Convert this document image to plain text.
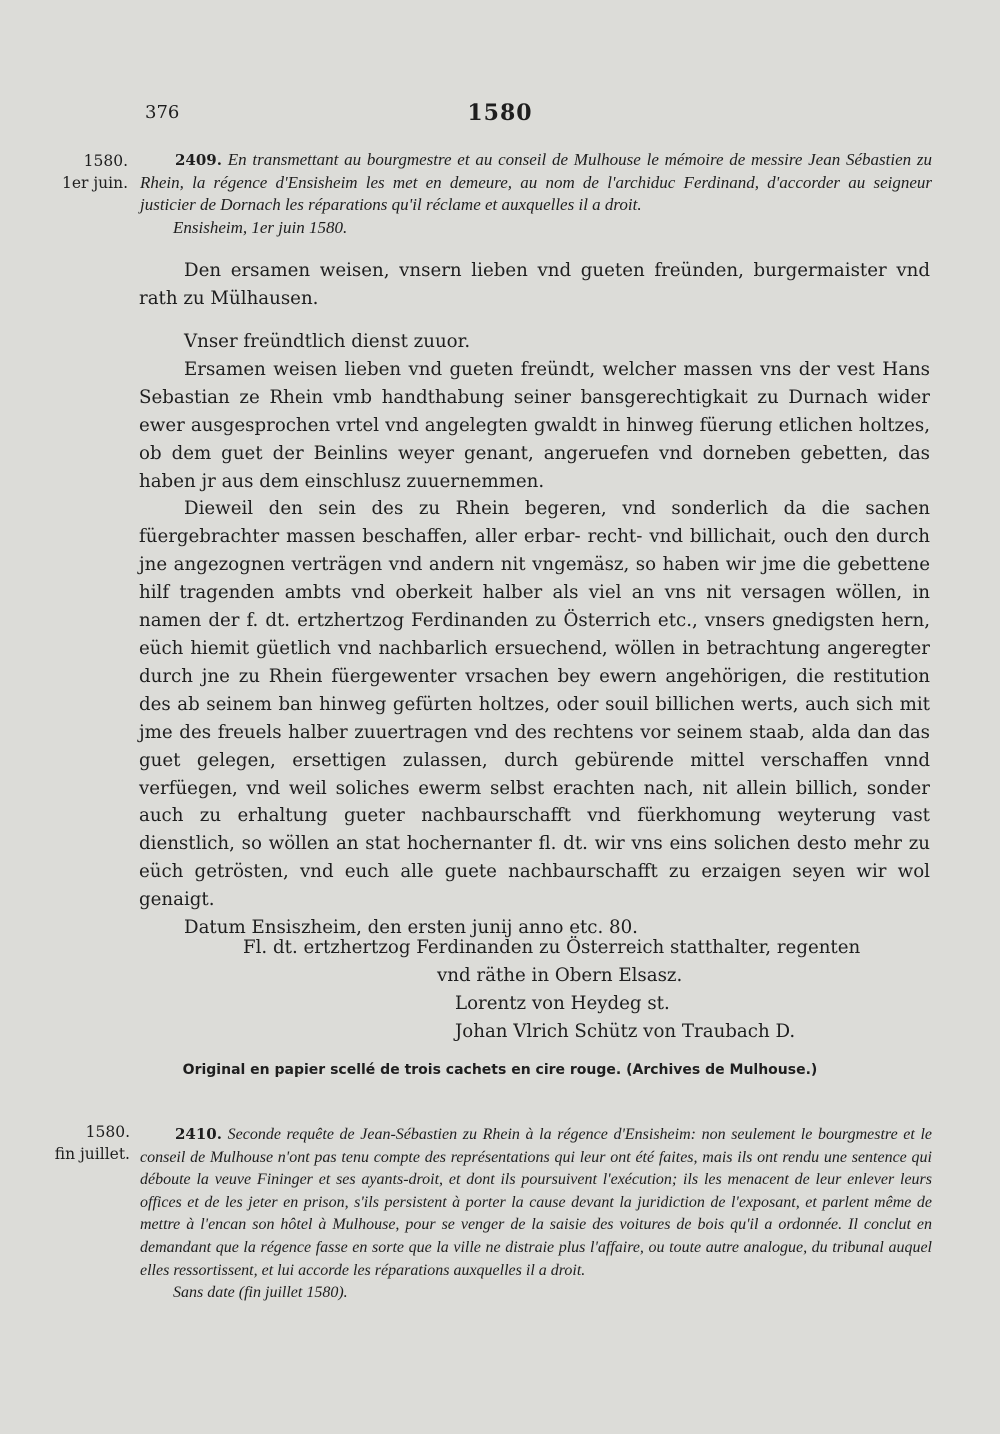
376	1580
1580.
1er juin.
2409. En transmettant au bourgmestre et au conseil de Mulhouse le mémoire de messire Jean Sébastien zu Rhein, la régence d'Ensisheim les met en demeure, au nom de l'archiduc Ferdinand, d'accorder au seigneur justicier de Dornach les réparations qu'il réclame et auxquelles il a droit.
Ensisheim, 1er juin 1580.

Den ersamen weisen, vnsern lieben vnd gueten freünden, burgermaister vnd rath zu Mülhausen.

Vnser freündtlich dienst zuuor.

Ersamen weisen lieben vnd gueten freündt, welcher massen vns der vest Hans Sebastian ze Rhein vmb handthabung seiner bansgerechtigkait zu Durnach wider ewer ausgesprochen vrtel vnd angelegten gwaldt in hinweg füerung etlichen holtzes, ob dem guet der Beinlins weyer genant, angeruefen vnd dorneben gebetten, das haben jr aus dem einschlusz zuuernemmen.

Dieweil den sein des zu Rhein begeren, vnd sonderlich da die sachen füergebrachter massen beschaffen, aller erbar- recht- vnd billichait, ouch den durch jne angezognen verträgen vnd andern nit vngemäsz, so haben wir jme die gebettene hilf tragenden ambts vnd oberkeit halber als viel an vns nit versagen wöllen, in namen der f. dt. ertzhertzog Ferdinanden zu Österrich etc., vnsers gnedigsten hern, eüch hiemit güetlich vnd nachbarlich ersuechend, wöllen in betrachtung angeregter durch jne zu Rhein füergewenter vrsachen bey ewern angehörigen, die restitution des ab seinem ban hinweg gefürten holtzes, oder souil billichen werts, auch sich mit jme des freuels halber zuuertragen vnd des rechtens vor seinem staab, alda dan das guet gelegen, ersettigen zulassen, durch gebürende mittel verschaffen vnnd verfüegen, vnd weil soliches ewerm selbst erachten nach, nit allein billich, sonder auch zu erhaltung gueter nachbaurschafft vnd füerkhomung weyterung vast dienstlich, so wöllen an stat hochernanter fl. dt. wir vns eins solichen desto mehr zu eüch getrösten, vnd euch alle guete nachbaurschafft zu erzaigen seyen wir wol genaigt.

Datum Ensiszheim, den ersten junij anno etc. 80.

Fl. dt. ertzhertzog Ferdinanden zu Österreich statthalter, regenten
vnd räthe in Obern Elsasz.
Lorentz von Heydeg st.
Johan Vlrich Schütz von Traubach D.
Original en papier scellé de trois cachets en cire rouge. (Archives de Mulhouse.)
1580.
fin juillet.
2410. Seconde requête de Jean-Sébastien zu Rhein à la régence d'Ensisheim: non seulement le bourgmestre et le conseil de Mulhouse n'ont pas tenu compte des représentations qui leur ont été faites, mais ils ont rendu une sentence qui déboute la veuve Fininger et ses ayants-droit, et dont ils poursuivent l'exécution; ils les menacent de leur enlever leurs offices et de les jeter en prison, s'ils persistent à porter la cause devant la juridiction de l'exposant, et parlent même de mettre à l'encan son hôtel à Mulhouse, pour se venger de la saisie des voitures de bois qu'il a ordonnée. Il conclut en demandant que la régence fasse en sorte que la ville ne distraie plus l'affaire, ou toute autre analogue, du tribunal auquel elles ressortissent, et lui accorde les réparations auxquelles il a droit.
Sans date (fin juillet 1580).
